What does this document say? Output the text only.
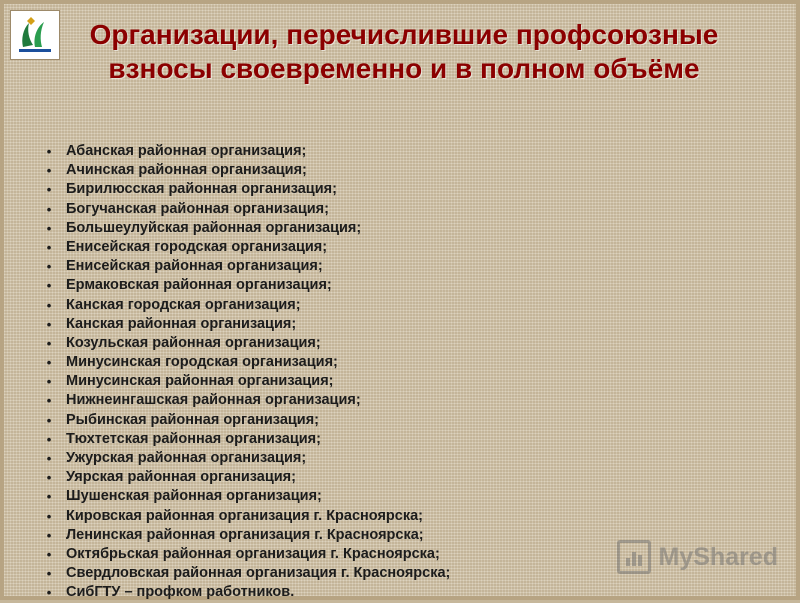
Организации, перечислившие профсоюзные взносы своевременно и в полном объёме
•	Абанская районная организация;
•	Ачинская районная организация;
•	Бирилюсская районная организация;
•	Богучанская районная организация;
•	Большеулуйская районная организация;
•	Енисейская городская организация;
•	Енисейская районная организация;
•	Ермаковская районная организация;
•	Канская городская организация;
•	Канская районная организация;
•	Козульская районная организация;
•	Минусинская городская организация;
•	Минусинская районная организация;
•	Нижнеингашская районная организация;
•	Рыбинская районная организация;
•	Тюхтетская районная организация;
•	Ужурская районная организация;
•	Уярская районная организация;
•	Шушенская районная организация;
•	Кировская районная организация г. Красноярска;
•	Ленинская районная организация г. Красноярска;
•	Октябрьская районная организация г. Красноярска;
•	Свердловская районная организация г. Красноярска;
•	СибГТУ – профком работников.
MyShared
